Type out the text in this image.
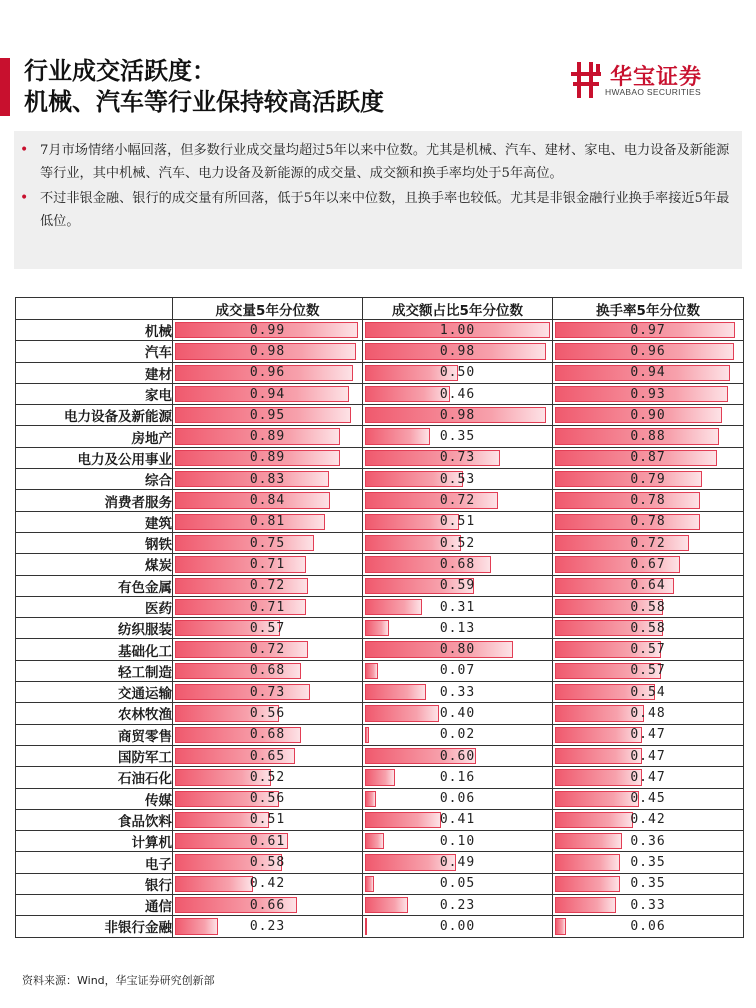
行业成交活跃度：
机械、汽车等行业保持较高活跃度
华宝证券
HWABAO SECURITIES
• 7月市场情绪小幅回落，但多数行业成交量均超过5年以来中位数。尤其是机械、汽车、建材、家电、电力设备及新能源等行业，其中机械、汽车、电力设备及新能源的成交量、成交额和换手率均处于5年高位。
• 不过非银金融、银行的成交量有所回落，低于5年以来中位数，且换手率也较低。尤其是非银金融行业换手率接近5年最低位。
	成交量5年分位数	成交额占比5年分位数	换手率5年分位数
机械	0.99	1.00	0.97

汽车	0.98	0.98	0.96

建材	0.96	0.50	0.94

家电	0.94	0.46	0.93

电力设备及新能源	0.95	0.98	0.90

房地产	0.89	0.35	0.88

电力及公用事业	0.89	0.73	0.87

综合	0.83	0.53	0.79

消费者服务	0.84	0.72	0.78

建筑	0.81	0.51	0.78

钢铁	0.75	0.52	0.72

煤炭	0.71	0.68	0.67

有色金属	0.72	0.59	0.64

医药	0.71	0.31	0.58

纺织服装	0.57	0.13	0.58

基础化工	0.72	0.80	0.57

轻工制造	0.68	0.07	0.57

交通运输	0.73	0.33	0.54

农林牧渔	0.56	0.40	0.48

商贸零售	0.68	0.02	0.47

国防军工	0.65	0.60	0.47

石油石化	0.52	0.16	0.47

传媒	0.56	0.06	0.45

食品饮料	0.51	0.41	0.42

计算机	0.61	0.10	0.36

电子	0.58	0.49	0.35

银行	0.42	0.05	0.35

通信	0.66	0.23	0.33

非银行金融	0.23	0.00	0.06
资料来源：Wind，华宝证券研究创新部
